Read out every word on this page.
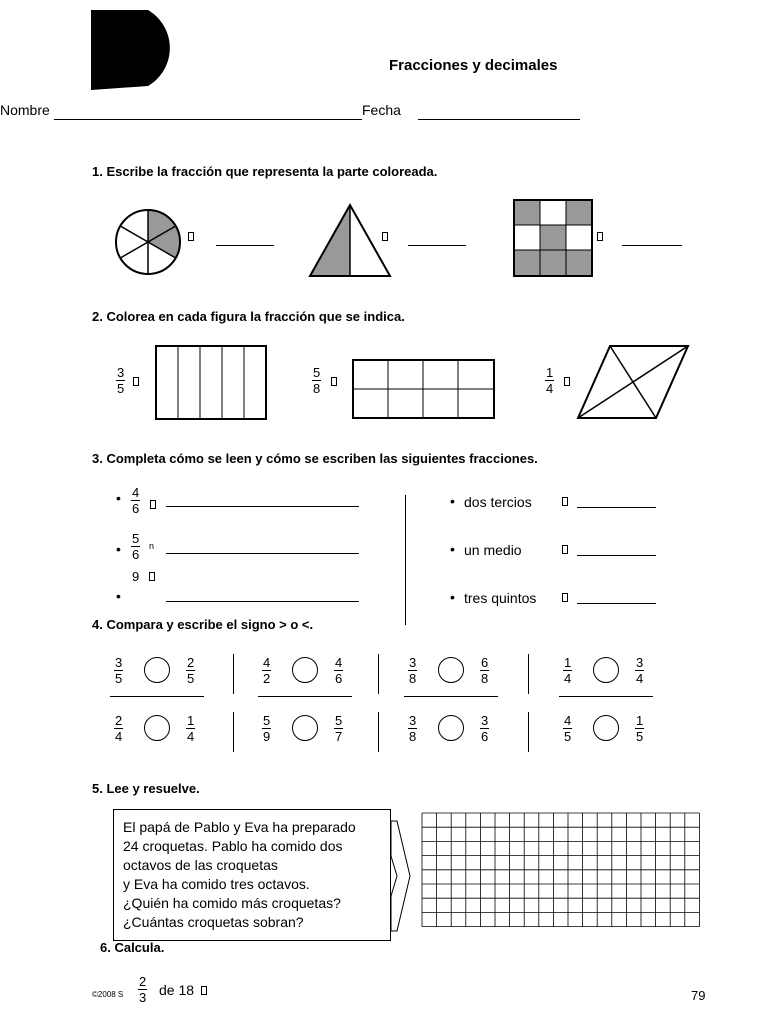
Fracciones y decimales
Nombre	Fecha
1. Escribe la fracción que representa la parte coloreada.
2. Colorea en cada figura la fracción que se indica.
3
5
5
8
1
4
3. Completa cómo se leen y cómo se escriben las siguientes fracciones.
• 4
6
•
5
6
n
9
•
• dos tercios
• un medio
• tres quintos
4. Compara y escribe el signo > o <.
3
5
2
5
4
2
4
6
3
8
6
8
1
4
3
4
2
4
1
4
5
9
5
7
3
8
3
6
4
5
1
5
5. Lee y resuelve.
El papá de Pablo y Eva ha preparado
24 croquetas. Pablo ha comido dos
octavos de las croquetas
y Eva ha comido tres octavos.
¿Quién ha comido más croquetas?
¿Cuántas croquetas sobran?
6. Calcula.
©2008 S
2
3 de 18	79
